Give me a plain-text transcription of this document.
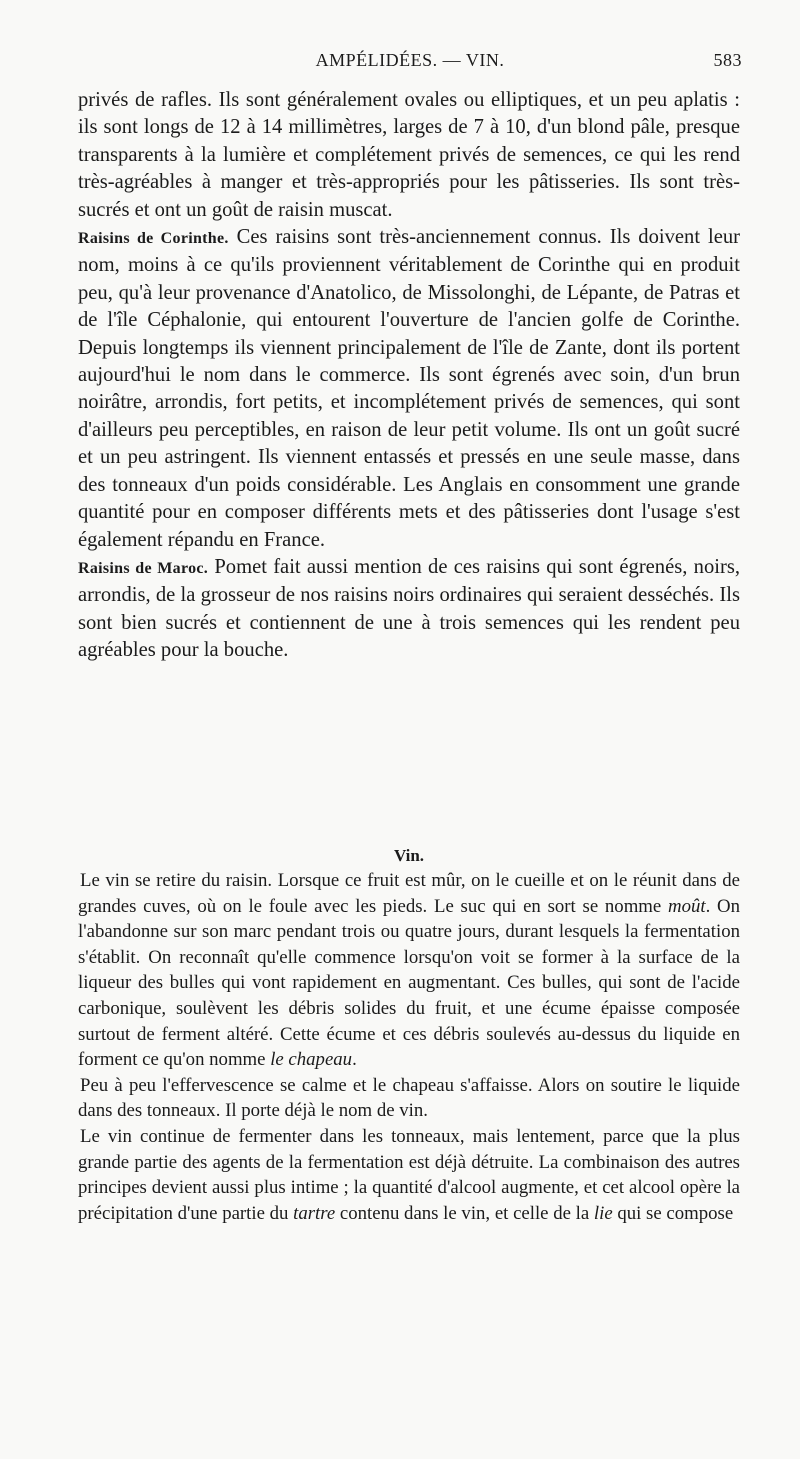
AMPÉLIDÉES. — VIN.	583

privés de rafles. Ils sont généralement ovales ou elliptiques, et un peu aplatis : ils sont longs de 12 à 14 millimètres, larges de 7 à 10, d'un blond pâle, presque transparents à la lumière et complétement privés de semences, ce qui les rend très-agréables à manger et très-appropriés pour les pâtisseries. Ils sont très-sucrés et ont un goût de raisin muscat.

Raisins de Corinthe. Ces raisins sont très-anciennement connus. Ils doivent leur nom, moins à ce qu'ils proviennent véritablement de Corinthe qui en produit peu, qu'à leur provenance d'Anatolico, de Missolonghi, de Lépante, de Patras et de l'île Céphalonie, qui entourent l'ouverture de l'ancien golfe de Corinthe. Depuis longtemps ils viennent principalement de l'île de Zante, dont ils portent aujourd'hui le nom dans le commerce. Ils sont égrenés avec soin, d'un brun noirâtre, arrondis, fort petits, et incomplétement privés de semences, qui sont d'ailleurs peu perceptibles, en raison de leur petit volume. Ils ont un goût sucré et un peu astringent. Ils viennent entassés et pressés en une seule masse, dans des tonneaux d'un poids considérable. Les Anglais en consomment une grande quantité pour en composer différents mets et des pâtisseries dont l'usage s'est également répandu en France.

Raisins de Maroc. Pomet fait aussi mention de ces raisins qui sont égrenés, noirs, arrondis, de la grosseur de nos raisins noirs ordinaires qui seraient desséchés. Ils sont bien sucrés et contiennent de une à trois semences qui les rendent peu agréables pour la bouche.

Vin.

Le vin se retire du raisin. Lorsque ce fruit est mûr, on le cueille et on le réunit dans de grandes cuves, où on le foule avec les pieds. Le suc qui en sort se nomme moût. On l'abandonne sur son marc pendant trois ou quatre jours, durant lesquels la fermentation s'établit. On reconnaît qu'elle commence lorsqu'on voit se former à la surface de la liqueur des bulles qui vont rapidement en augmentant. Ces bulles, qui sont de l'acide carbonique, soulèvent les débris solides du fruit, et une écume épaisse composée surtout de ferment altéré. Cette écume et ces débris soulevés au-dessus du liquide en forment ce qu'on nomme le chapeau.

Peu à peu l'effervescence se calme et le chapeau s'affaisse. Alors on soutire le liquide dans des tonneaux. Il porte déjà le nom de vin.

Le vin continue de fermenter dans les tonneaux, mais lentement, parce que la plus grande partie des agents de la fermentation est déjà détruite. La combinaison des autres principes devient aussi plus intime ; la quantité d'alcool augmente, et cet alcool opère la précipitation d'une partie du tartre contenu dans le vin, et celle de la lie qui se compose
